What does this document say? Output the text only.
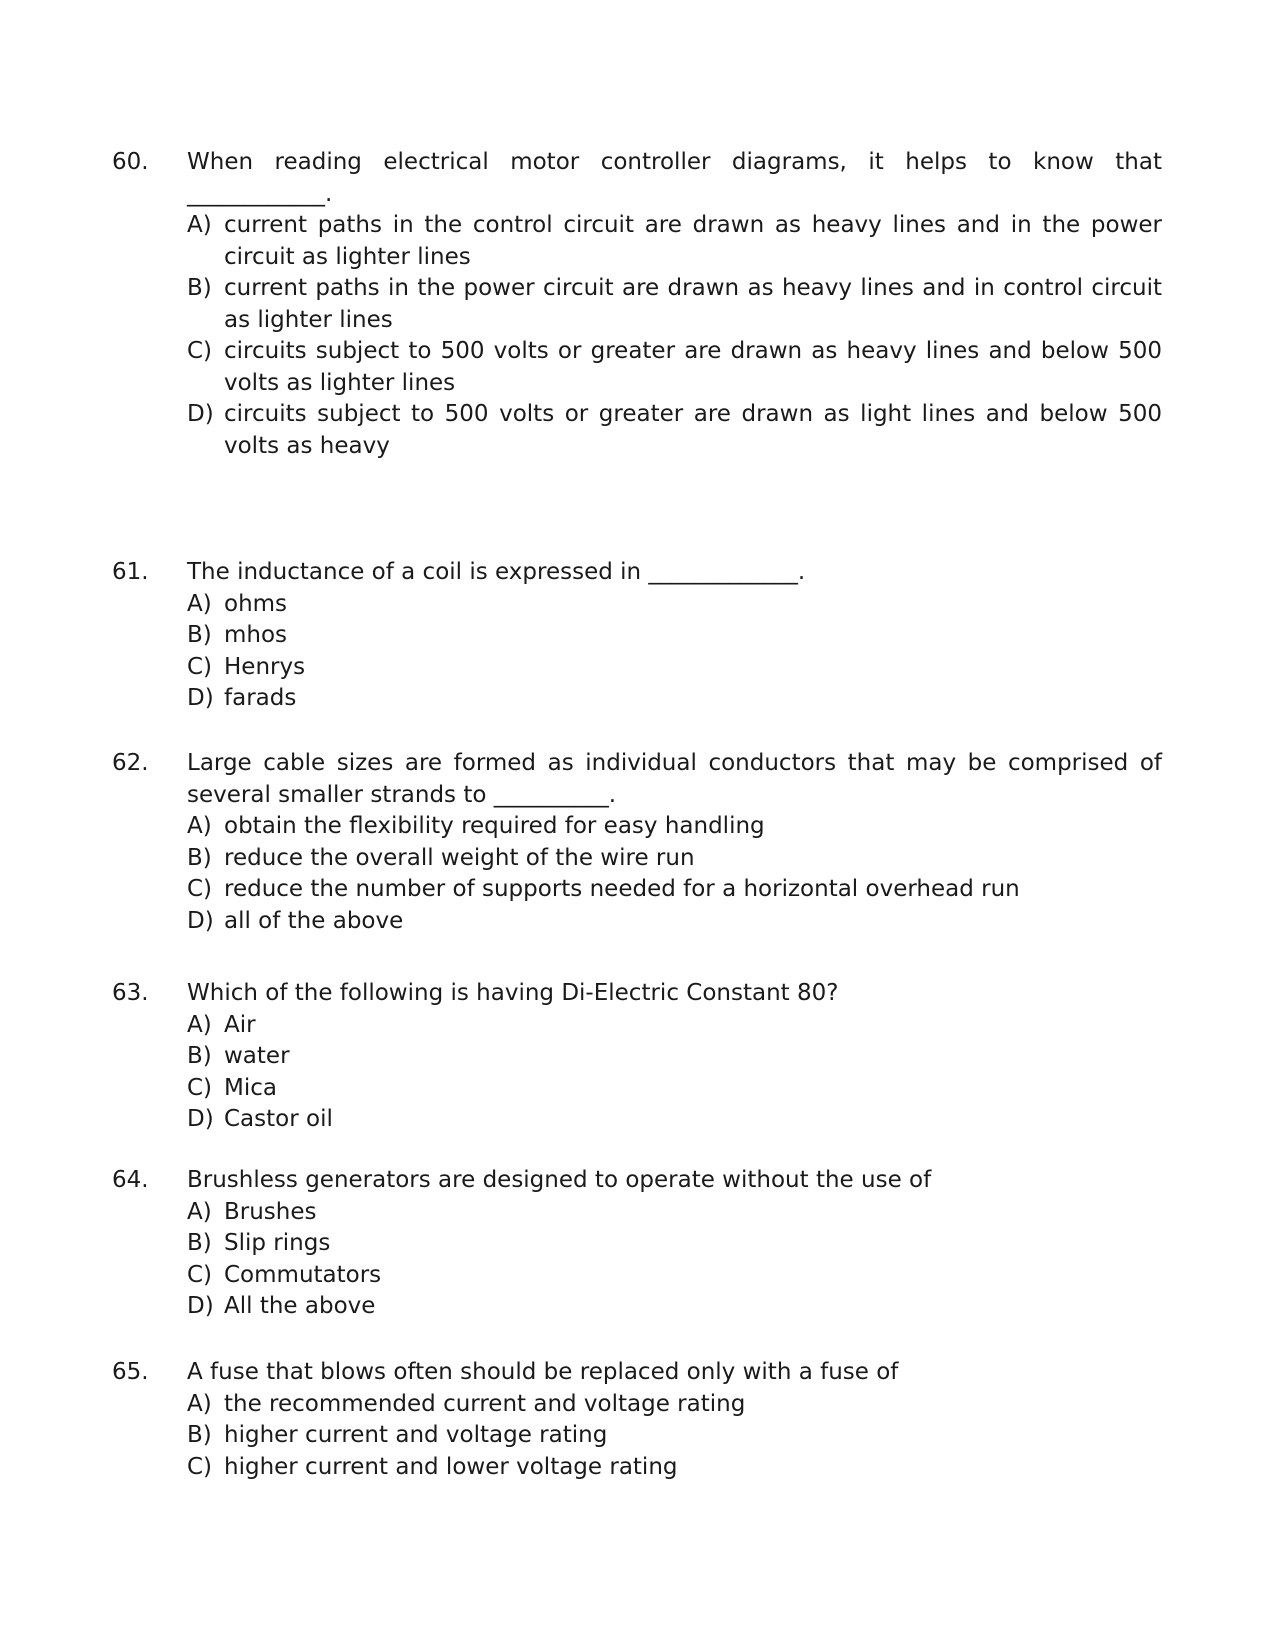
60.	When reading electrical motor controller diagrams, it helps to know that ____________.
A) current paths in the control circuit are drawn as heavy lines and in the power circuit as lighter lines
B) current paths in the power circuit are drawn as heavy lines and in control circuit as lighter lines
C) circuits subject to 500 volts or greater are drawn as heavy lines and below 500 volts as lighter lines
D) circuits subject to 500 volts or greater are drawn as light lines and below 500 volts as heavy
61.	The inductance of a coil is expressed in _____________.
A) ohms
B) mhos
C) Henrys
D) farads
62.	Large cable sizes are formed as individual conductors that may be comprised of several smaller strands to __________.
A) obtain the flexibility required for easy handling
B) reduce the overall weight of the wire run
C) reduce the number of supports needed for a horizontal overhead run
D) all of the above
63.	Which of the following is having Di-Electric Constant 80?
A) Air
B) water
C) Mica
D) Castor oil
64.	Brushless generators are designed to operate without the use of
A) Brushes
B) Slip rings
C) Commutators
D) All the above
65.	A fuse that blows often should be replaced only with a fuse of
A) the recommended current and voltage rating
B) higher current and voltage rating
C) higher current and lower voltage rating
